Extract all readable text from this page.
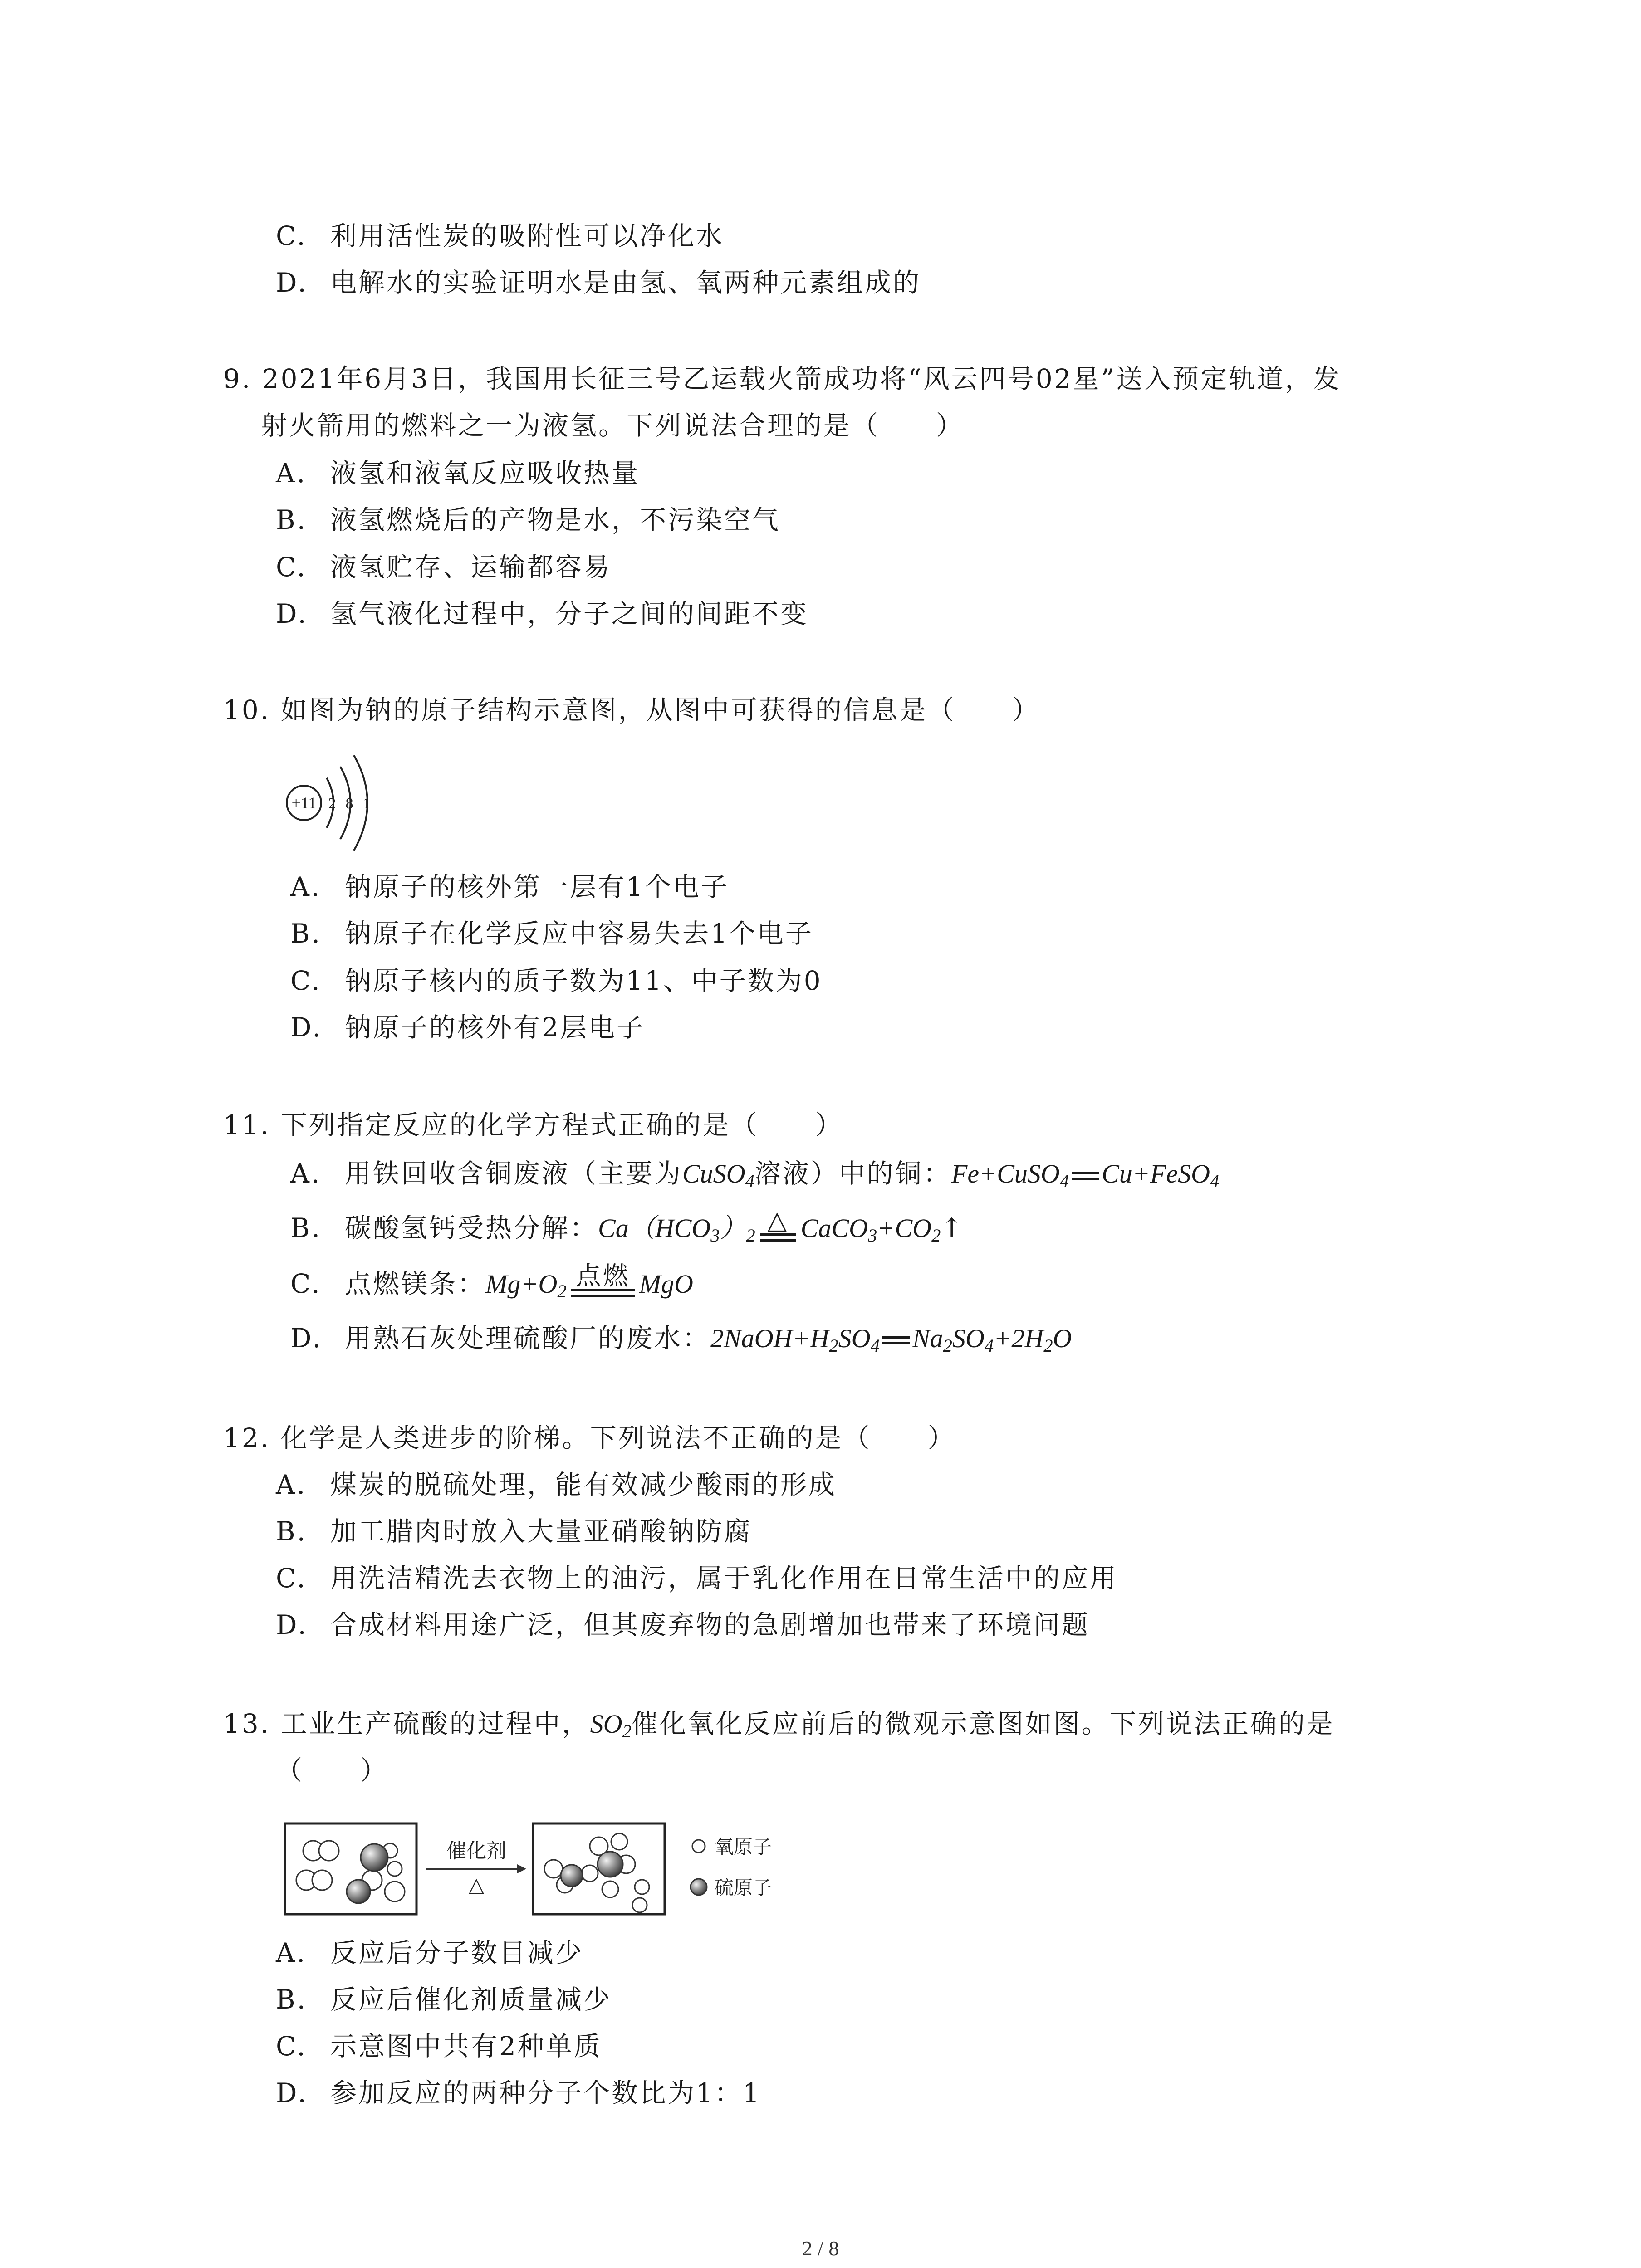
C. 利用活性炭的吸附性可以净化水
D. 电解水的实验证明水是由氢、氧两种元素组成的
9. 2021年6月3日，我国用长征三号乙运载火箭成功将“风云四号02星”送入预定轨道，发
射火箭用的燃料之一为液氢。下列说法合理的是（　　）
A. 液氢和液氧反应吸收热量
B. 液氢燃烧后的产物是水，不污染空气
C. 液氢贮存、运输都容易
D. 氢气液化过程中，分子之间的间距不变
10. 如图为钠的原子结构示意图，从图中可获得的信息是（　　）
+11 2 8 1
A. 钠原子的核外第一层有1个电子
B. 钠原子在化学反应中容易失去1个电子
C. 钠原子核内的质子数为11、中子数为0
D. 钠原子的核外有2层电子
11. 下列指定反应的化学方程式正确的是（　　）
A. 用铁回收含铜废液（主要为CuSO$_4$溶液）中的铜：Fe+CuSO$_4$ Cu+FeSO$_4$
B. 碳酸氢钙受热分解：$Ca(HCO_3)_2$
△ $CaCO_3+CO_2↑$
C. 点燃镁条：$Mg+O_2$
点燃 MgO
D. 用熟石灰处理硫酸厂的废水：$2NaOH+H_2SO_4$ $Na_2SO_4+2H_2O$
12. 化学是人类进步的阶梯。下列说法不正确的是（　　）
A. 煤炭的脱硫处理，能有效减少酸雨的形成
B. 加工腊肉时放入大量亚硝酸钠防腐
C. 用洗洁精洗去衣物上的油污，属于乳化作用在日常生活中的应用
D. 合成材料用途广泛，但其废弃物的急剧增加也带来了环境问题
13. 工业生产硫酸的过程中，$SO_2$催化氧化反应前后的微观示意图如图。下列说法正确的是
（　　）
催化剂
△
氧原子
硫原子
A. 反应后分子数目减少
B. 反应后催化剂质量减少
C. 示意图中共有2种单质
D. 参加反应的两种分子个数比为1：1
2 / 8
